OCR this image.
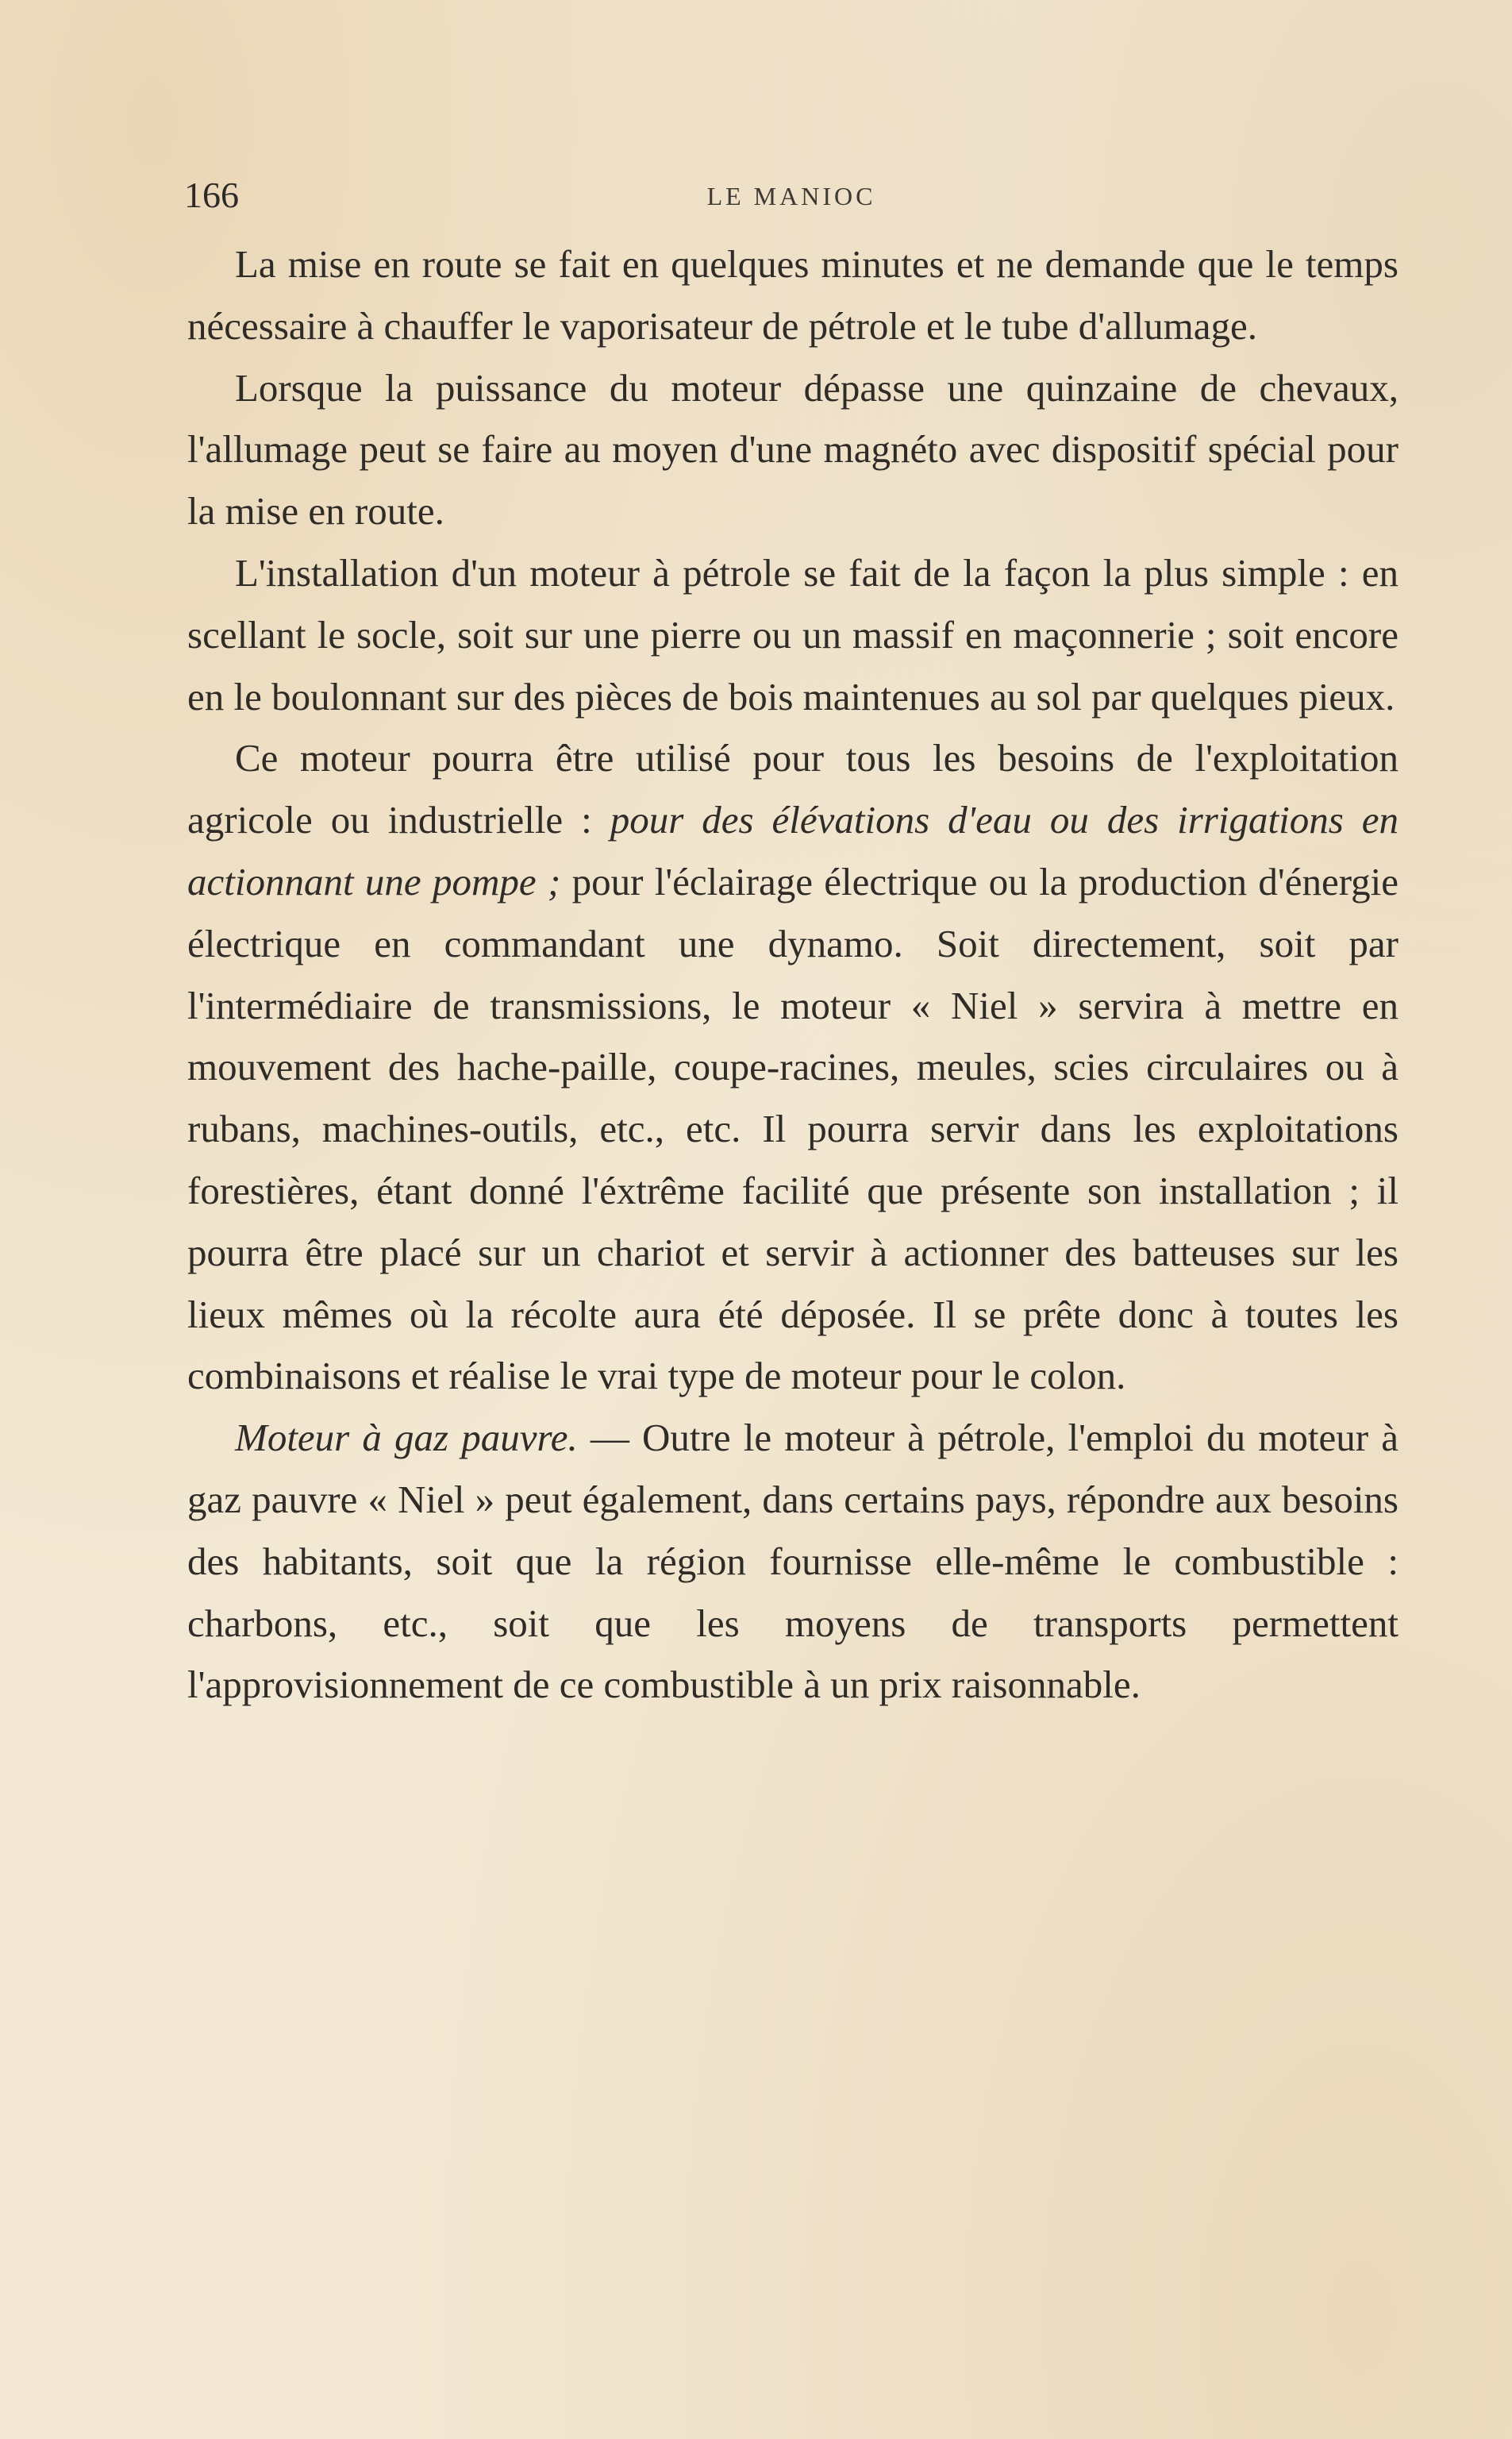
166	LE MANIOC

La mise en route se fait en quelques minutes et ne demande que le temps nécessaire à chauffer le vaporisateur de pétrole et le tube d'allumage.

Lorsque la puissance du moteur dépasse une quinzaine de chevaux, l'allumage peut se faire au moyen d'une magnéto avec dispositif spécial pour la mise en route.

L'installation d'un moteur à pétrole se fait de la façon la plus simple : en scellant le socle, soit sur une pierre ou un massif en maçonnerie ; soit encore en le boulonnant sur des pièces de bois maintenues au sol par quelques pieux.

Ce moteur pourra être utilisé pour tous les besoins de l'exploitation agricole ou industrielle : pour des élévations d'eau ou des irrigations en actionnant une pompe ; pour l'éclairage électrique ou la production d'énergie électrique en commandant une dynamo. Soit directement, soit par l'intermédiaire de transmissions, le moteur « Niel » servira à mettre en mouvement des hache-paille, coupe-racines, meules, scies circulaires ou à rubans, machines-outils, etc., etc. Il pourra servir dans les exploitations forestières, étant donné l'éxtrême facilité que présente son installation ; il pourra être placé sur un chariot et servir à actionner des batteuses sur les lieux mêmes où la récolte aura été déposée. Il se prête donc à toutes les combinaisons et réalise le vrai type de moteur pour le colon.

Moteur à gaz pauvre. — Outre le moteur à pétrole, l'emploi du moteur à gaz pauvre « Niel » peut également, dans certains pays, répondre aux besoins des habitants, soit que la région fournisse elle-même le combustible : charbons, etc., soit que les moyens de transports permettent l'approvisionnement de ce combustible à un prix raisonnable.
